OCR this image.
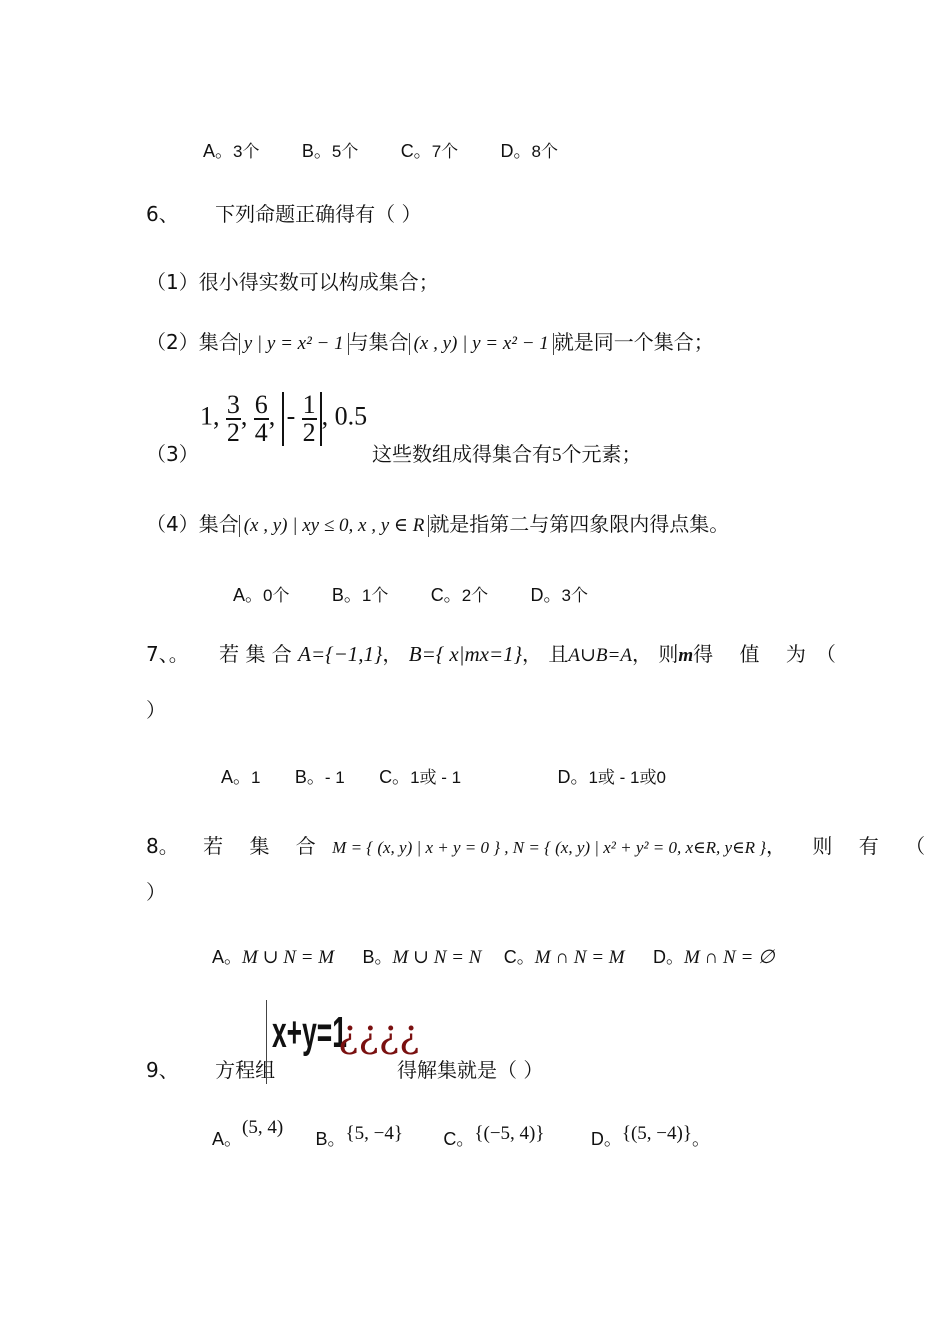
A。3个 B。5个 C。7个 D。8个
6、 下列命题正确得有（ ）
（1）很小得实数可以构成集合；
（2）集合 y | y = x² − 1 与集合 (x , y) | y = x² − 1 就是同一个集合；
（3）
1, $\frac{3}{2}$ , $\frac{6}{4}$ , - $\frac{1}{2}$ , 0.5
这些数组成得集合有5个元素；
（4）集合 (x , y) | xy ≤ 0, x , y ∈ R 就是指第二与第四象限内得点集。
A。0个 B。1个 C。2个 D。3个
7、。 若 集 合 A={−1,1}， B={ x|mx=1}， 且A∪B=A， 则m得 值 为（
）
A。1 B。- 1 C。1或 - 1	D。1或 - 1或0
8。 若 集 合 M = { (x, y) | x + y = 0 } , N = { (x, y) | x² + y² = 0, x∈R, y∈R }， 则 有 （
）
A。M ∪ N = M B。M ∪ N = N C。M ∩ N = M D。M ∩ N = ∅
9、 方程组
x+y=1
¿¿¿¿
得解集就是（ ）
A。(5, 4) B。{5, −4} C。{(−5, 4)}	D。{(5, −4)}。
